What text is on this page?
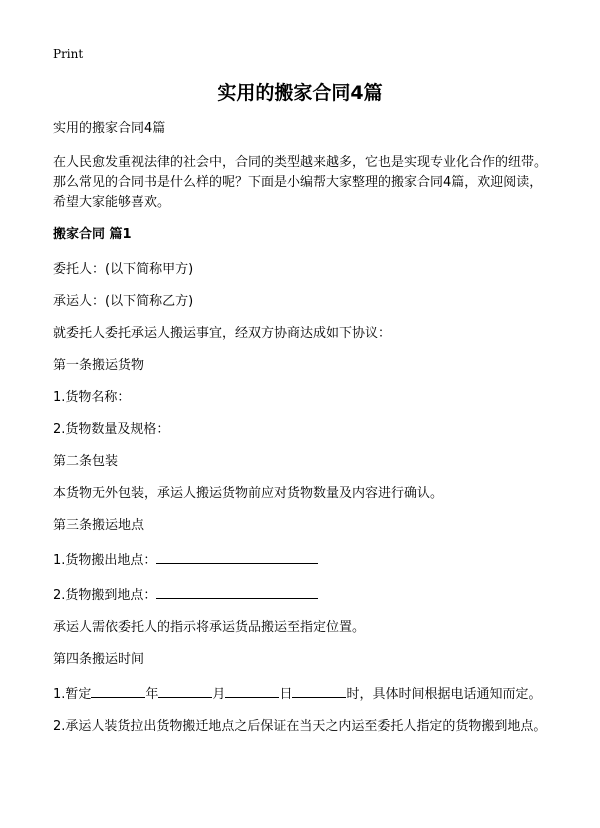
Print
实用的搬家合同4篇

实用的搬家合同4篇

在人民愈发重视法律的社会中，合同的类型越来越多，它也是实现专业化合作的纽带。那么常见的合同书是什么样的呢？下面是小编帮大家整理的搬家合同4篇，欢迎阅读，希望大家能够喜欢。

搬家合同 篇1

委托人：(以下简称甲方)

承运人：(以下简称乙方)

就委托人委托承运人搬运事宜，经双方协商达成如下协议：

第一条搬运货物

1.货物名称：

2.货物数量及规格：

第二条包装

本货物无外包装，承运人搬运货物前应对货物数量及内容进行确认。

第三条搬运地点

1.货物搬出地点：

2.货物搬到地点：

承运人需依委托人的指示将承运货品搬运至指定位置。

第四条搬运时间

1.暂定	年	月	日	时，具体时间根据电话通知而定。

2.承运人装货拉出货物搬迁地点之后保证在当天之内运至委托人指定的货物搬到地点。
